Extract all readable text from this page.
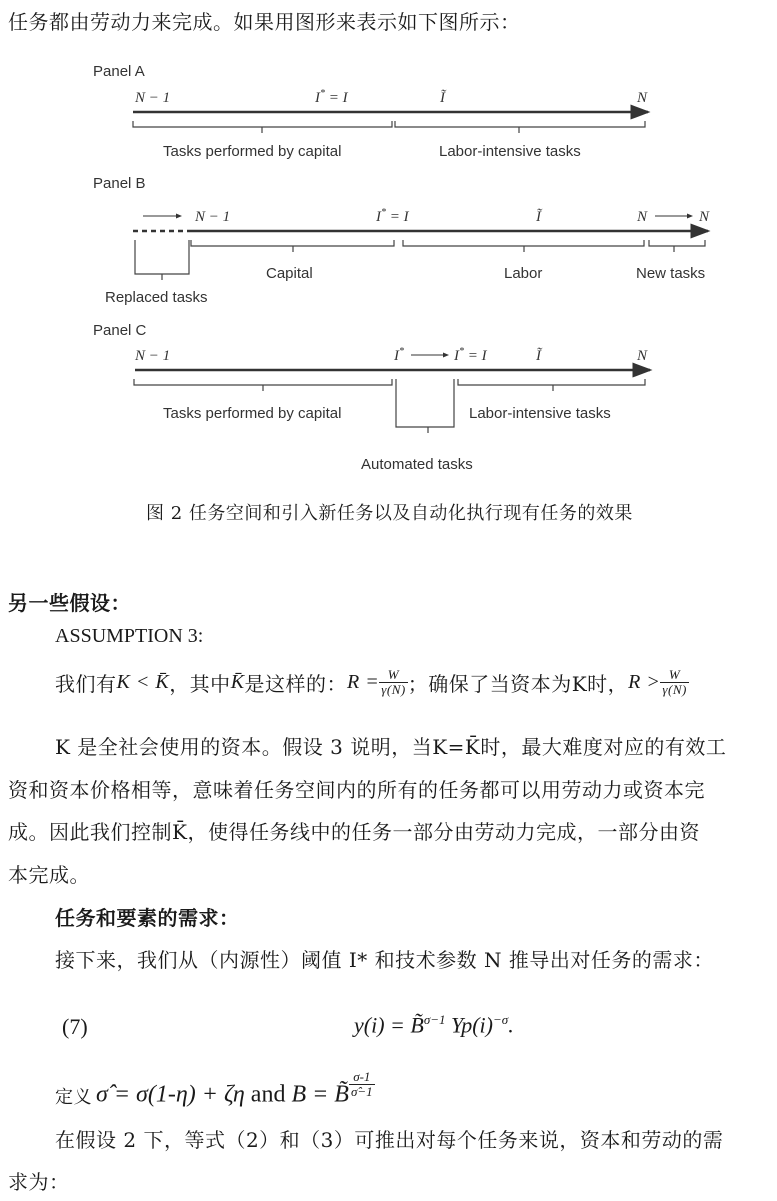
任务都由劳动力来完成。如果用图形来表示如下图所示：
Panel A
Panel B
Panel C
N − 1	I* = I	Ĩ	N
Tasks performed by capital	Labor-intensive tasks
N − 1	I* = I	Ĩ	N	N
Replaced tasks
Capital	Labor	New tasks
N − 1	I*	I* = I	Ĩ	N
Tasks performed by capital	Labor-intensive tasks
Automated tasks
图 2 任务空间和引入新任务以及自动化执行现有任务的效果
另一些假设：
ASSUMPTION 3:
我们有 K < K̄ ，其中 K̄ 是这样的： $R = \frac{W}{\gamma(N)}$ ；确保了当资本为K时， $R > \frac{W}{\gamma(N)}$
K 是全社会使用的资本。假设 3 说明，当K=K̄时，最大难度对应的有效工
资和资本价格相等，意味着任务空间内的所有的任务都可以用劳动力或资本完
成。因此我们控制K̄，使得任务线中的任务一部分由劳动力完成，一部分由资
本完成。
任务和要素的需求：
接下来，我们从（内源性）阈值 I* 和技术参数 N 推导出对任务的需求：
(7)	y(i) = B̃$^{\sigma-1}$ $Yp(i)^{-\sigma}$.
定义 σ̂ = σ(1-η) + ζη and B = B̃ $^{\frac{\sigma-1}{\sigmâ-1}}$
在假设 2 下，等式（2）和（3）可推出对每个任务来说，资本和劳动的需
求为：
